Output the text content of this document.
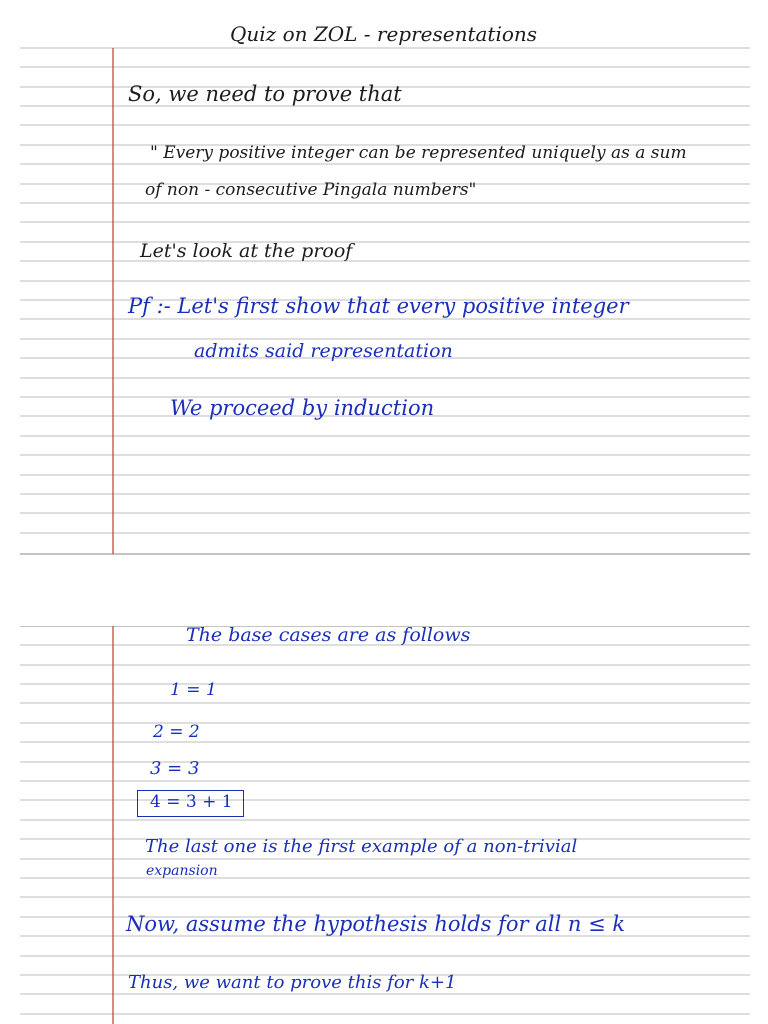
Quiz on ZOL - representations
So, we need to prove that
" Every positive integer can be represented uniquely as a sum
of non - consecutive Pingala numbers"
Let's look at the proof
Pf :- Let's first show that every positive integer
admits said representation
We proceed by induction
The base cases are as follows
1 = 1
2 = 2
3 = 3
4 = 3 + 1
The last one is the first example of a non-trivial
expansion
Now, assume the hypothesis holds for all n ≤ k
Thus, we want to prove this for k+1
